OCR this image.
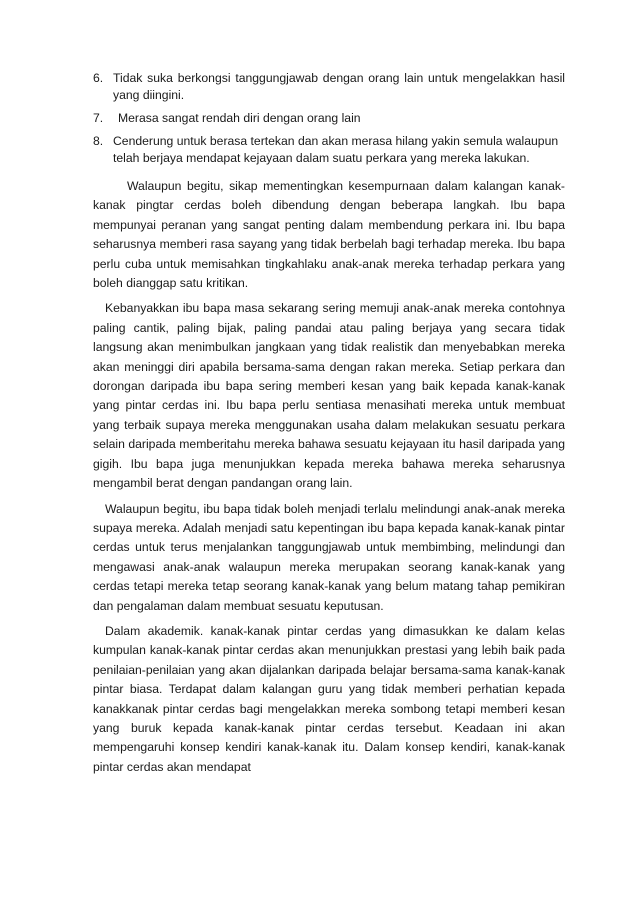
6. Tidak suka berkongsi tanggungjawab dengan orang lain untuk mengelakkan hasil yang diingini.
7.	Merasa sangat rendah diri dengan orang lain
8. Cenderung untuk berasa tertekan dan akan merasa hilang yakin semula walaupun telah berjaya mendapat kejayaan dalam suatu perkara yang mereka lakukan.

Walaupun begitu, sikap mementingkan kesempurnaan dalam kalangan kanak-kanak pingtar cerdas boleh dibendung dengan beberapa langkah. Ibu bapa mempunyai peranan yang sangat penting dalam membendung perkara ini. Ibu bapa seharusnya memberi rasa sayang yang tidak berbelah bagi terhadap mereka. Ibu bapa perlu cuba untuk memisahkan tingkahlaku anak-anak mereka terhadap perkara yang boleh dianggap satu kritikan.

Kebanyakkan ibu bapa masa sekarang sering memuji anak-anak mereka contohnya paling cantik, paling bijak, paling pandai atau paling berjaya yang secara tidak langsung akan menimbulkan jangkaan yang tidak realistik dan menyebabkan mereka akan meninggi diri apabila bersama-sama dengan rakan mereka. Setiap perkara dan dorongan daripada ibu bapa sering memberi kesan yang baik kepada kanak-kanak yang pintar cerdas ini. Ibu bapa perlu sentiasa menasihati mereka untuk membuat yang terbaik supaya mereka menggunakan usaha dalam melakukan sesuatu perkara selain daripada memberitahu mereka bahawa sesuatu kejayaan itu hasil daripada yang gigih. Ibu bapa juga menunjukkan kepada mereka bahawa mereka seharusnya mengambil berat dengan pandangan orang lain.

Walaupun begitu, ibu bapa tidak boleh menjadi terlalu melindungi anak-anak mereka supaya mereka. Adalah menjadi satu kepentingan ibu bapa kepada kanak-kanak pintar cerdas untuk terus menjalankan tanggungjawab untuk membimbing, melindungi dan mengawasi anak-anak walaupun mereka merupakan seorang kanak-kanak yang cerdas tetapi mereka tetap seorang kanak-kanak yang belum matang tahap pemikiran dan pengalaman dalam membuat sesuatu keputusan.

Dalam akademik. kanak-kanak pintar cerdas yang dimasukkan ke dalam kelas kumpulan kanak-kanak pintar cerdas akan menunjukkan prestasi yang lebih baik pada penilaian-penilaian yang akan dijalankan daripada belajar bersama-sama kanak-kanak pintar biasa. Terdapat dalam kalangan guru yang tidak memberi perhatian kepada kanakkanak pintar cerdas bagi mengelakkan mereka sombong tetapi memberi kesan yang buruk kepada kanak-kanak pintar cerdas tersebut. Keadaan ini akan mempengaruhi konsep kendiri kanak-kanak itu. Dalam konsep kendiri, kanak-kanak pintar cerdas akan mendapat
